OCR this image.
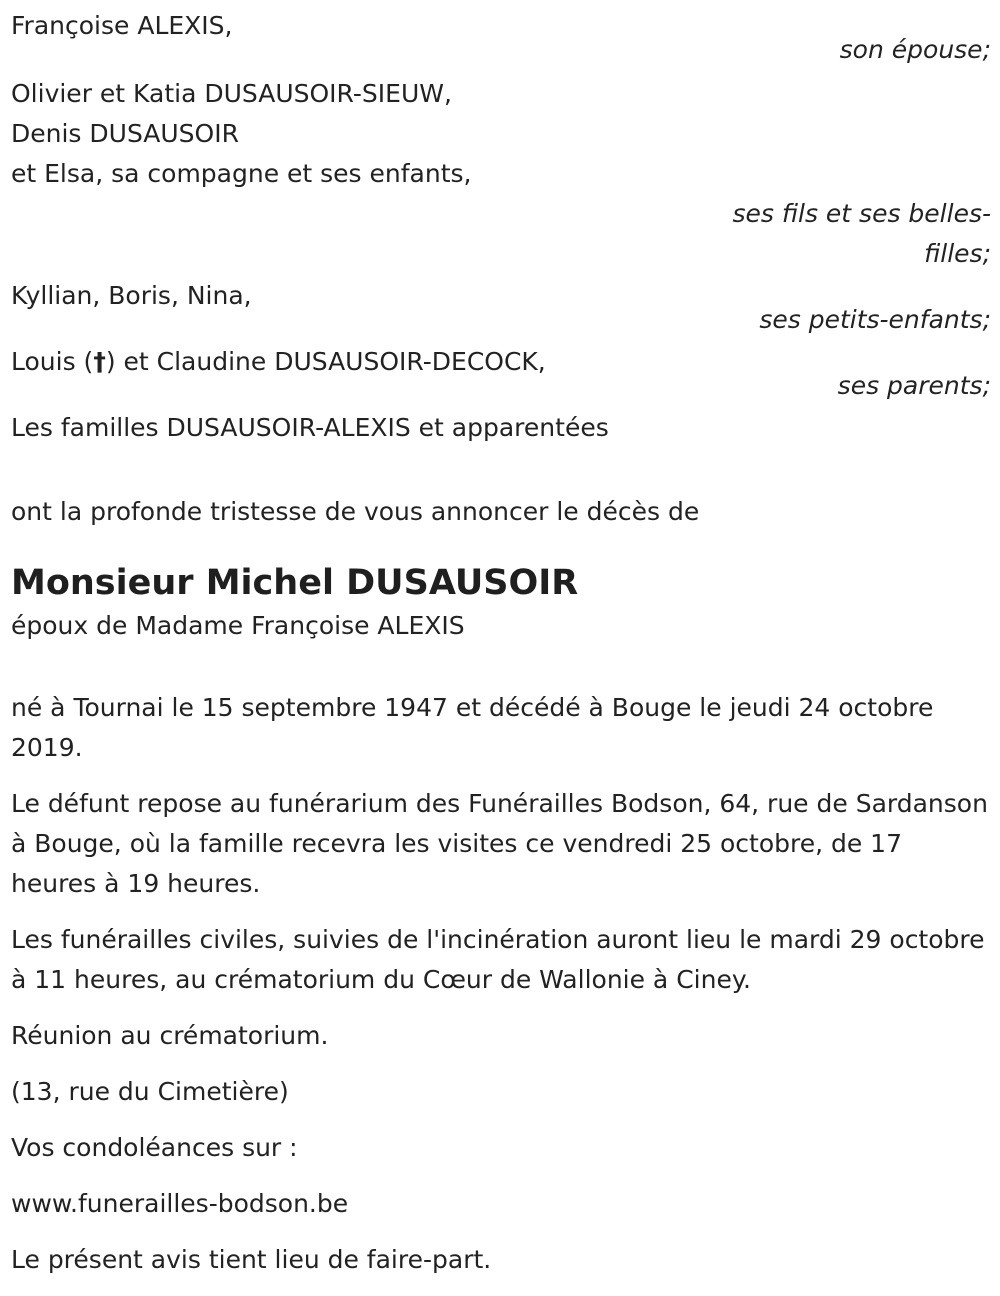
Françoise ALEXIS,
son épouse;
Olivier et Katia DUSAUSOIR-SIEUW,
Denis DUSAUSOIR
et Elsa, sa compagne et ses enfants,
ses fils et ses belles-filles;
Kyllian, Boris, Nina,
ses petits-enfants;
Louis (†) et Claudine DUSAUSOIR-DECOCK,
ses parents;
Les familles DUSAUSOIR-ALEXIS et apparentées
ont la profonde tristesse de vous annoncer le décès de
Monsieur Michel DUSAUSOIR
époux de Madame Françoise ALEXIS
né à Tournai le 15 septembre 1947 et décédé à Bouge le jeudi 24 octobre 2019.
Le défunt repose au funérarium des Funérailles Bodson, 64, rue de Sardanson à Bouge, où la famille recevra les visites ce vendredi 25 octobre, de 17 heures à 19 heures.
Les funérailles civiles, suivies de l'incinération auront lieu le mardi 29 octobre à 11 heures, au crématorium du Cœur de Wallonie à Ciney.
Réunion au crématorium.
(13, rue du Cimetière)
Vos condoléances sur :
www.funerailles-bodson.be
Le présent avis tient lieu de faire-part.
